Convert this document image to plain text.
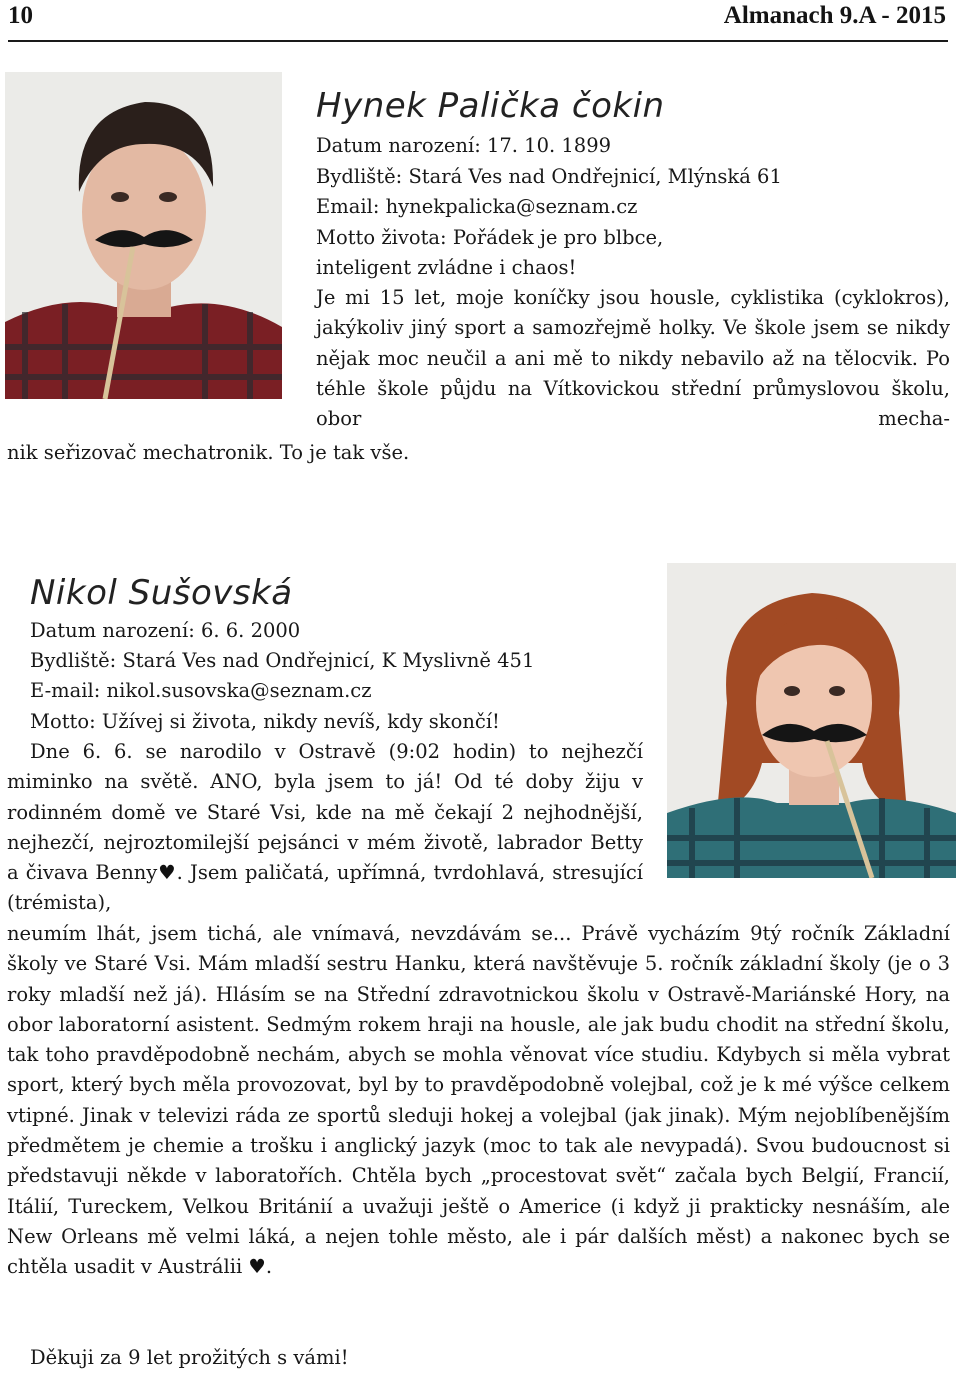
10	Almanach 9.A - 2015
Hynek Palička čokin
Datum narození: 17. 10. 1899
Bydliště: Stará Ves nad Ondřejnicí, Mlýnská 61
Email: hynekpalicka@seznam.cz
Motto života: Pořádek je pro blbce,
inteligent zvládne i chaos!

Je mi 15 let, moje koníčky jsou housle, cyklistika (cyklokros), jakýkoliv jiný sport a samozřejmě holky. Ve škole jsem se nikdy nějak moc neučil a ani mě to nikdy nebavilo až na tělocvik. Po téhle škole půjdu na Vítkovickou střední průmyslovou školu, obor mecha-

nik seřizovač mechatronik. To je tak vše.
Nikol Sušovská
Datum narození: 6. 6. 2000
Bydliště: Stará Ves nad Ondřejnicí, K Myslivně 451
E-mail: nikol.susovska@seznam.cz
Motto: Užívej si života, nikdy nevíš, kdy skončí!

Dne 6. 6. se narodilo v Ostravě (9:02 hodin) to nejhezčí miminko na světě. ANO, byla jsem to já! Od té doby žiju v rodinném domě ve Staré Vsi, kde na mě čekají 2 nejhodnější, nejhezčí, nejroztomilejší pejsánci v mém životě, labrador Betty a čivava Benny♥. Jsem paličatá, upřímná, tvrdohlavá, stresující (trémista),

neumím lhát, jsem tichá, ale vnímavá, nevzdávám se... Právě vycházím 9tý ročník Základní školy ve Staré Vsi. Mám mladší sestru Hanku, která navštěvuje 5. ročník základní školy (je o 3 roky mladší než já). Hlásím se na Střední zdravotnickou školu v Ostravě-Mariánské Hory, na obor laboratorní asistent. Sedmým rokem hraji na housle, ale jak budu chodit na střední školu, tak toho pravděpodobně nechám, abych se mohla věnovat více studiu. Kdybych si měla vybrat sport, který bych měla provozovat, byl by to pravděpodobně volejbal, což je k mé výšce celkem vtipné. Jinak v televizi ráda ze sportů sleduji hokej a volejbal (jak jinak). Mým nejoblíbenějším předmětem je chemie a trošku i anglický jazyk (moc to tak ale nevypadá). Svou budoucnost si představuji někde v laboratořích. Chtěla bych „procestovat svět“ začala bych Belgií, Francií, Itálií, Tureckem, Velkou Británií a uvažuji ještě o Americe (i když ji prakticky nesnáším, ale New Orleans mě velmi láká, a nejen tohle město, ale i pár dalších měst) a nakonec bych se chtěla usadit v Austrálii ♥.

Děkuji za 9 let prožitých s vámi!
